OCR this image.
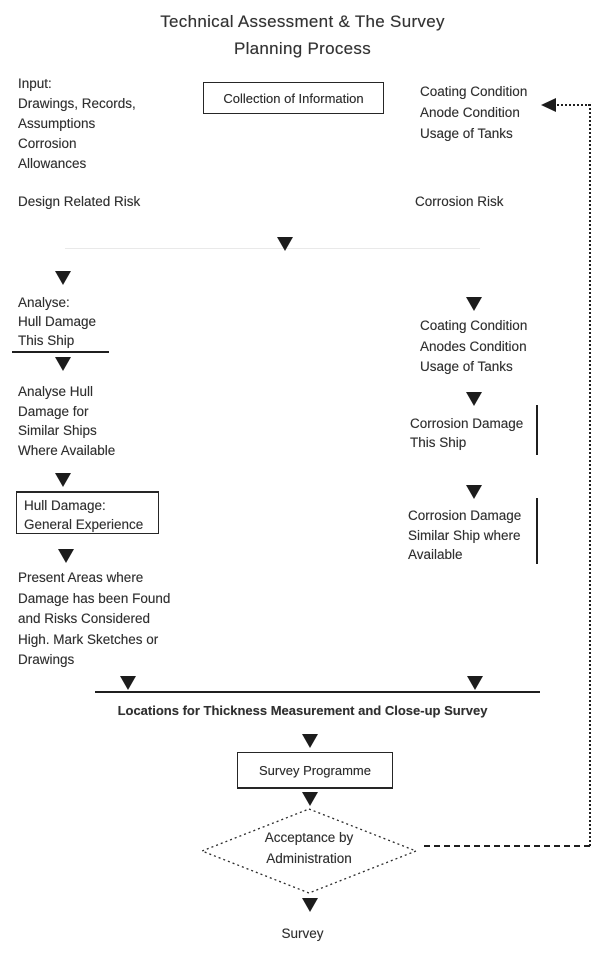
Technical Assessment & The Survey
Planning Process
Input:
Drawings, Records,
Assumptions
Corrosion
Allowances
Collection of Information	Coating Condition
Anode Condition
Usage of Tanks
Design Related Risk	Corrosion Risk
Analyse:
Hull Damage
This Ship
Analyse Hull
Damage for
Similar Ships
Where Available
Hull Damage:
General Experience
Present Areas where
Damage has been Found
and Risks Considered
High. Mark Sketches or
Drawings
Coating Condition
Anodes Condition
Usage of Tanks
Corrosion Damage
This Ship
Corrosion Damage
Similar Ship where
Available
Locations for Thickness Measurement and Close-up Survey
Survey Programme
Acceptance by
Administration
Survey
